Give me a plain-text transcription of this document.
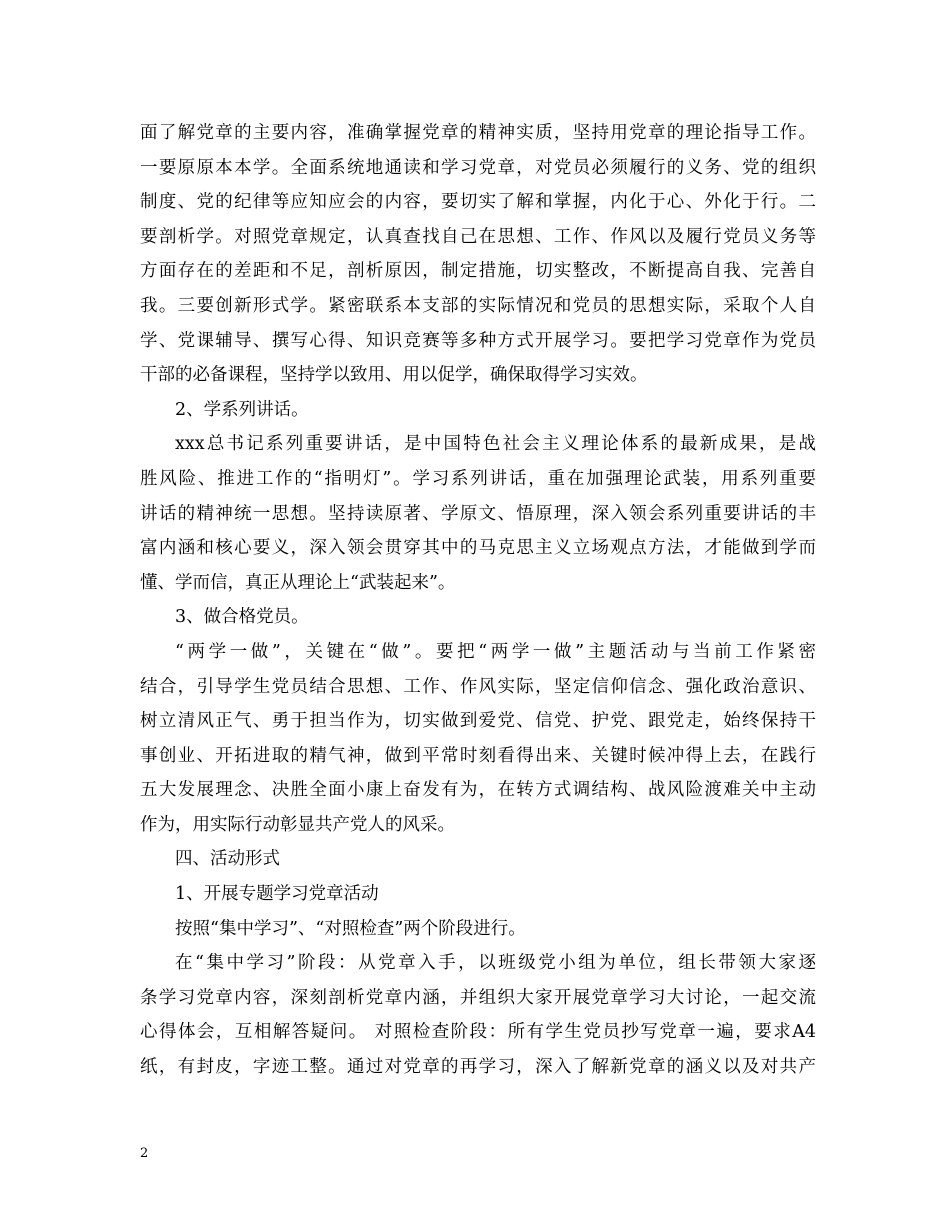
面了解党章的主要内容，准确掌握党章的精神实质，坚持用党章的理论指导工作。
一要原原本本学。全面系统地通读和学习党章，对党员必须履行的义务、党的组织
制度、党的纪律等应知应会的内容，要切实了解和掌握，内化于心、外化于行。二
要剖析学。对照党章规定，认真查找自己在思想、工作、作风以及履行党员义务等
方面存在的差距和不足，剖析原因，制定措施，切实整改，不断提高自我、完善自
我。三要创新形式学。紧密联系本支部的实际情况和党员的思想实际，采取个人自
学、党课辅导、撰写心得、知识竞赛等多种方式开展学习。要把学习党章作为党员
干部的必备课程，坚持学以致用、用以促学，确保取得学习实效。
2、学系列讲话。
xxx总书记系列重要讲话，是中国特色社会主义理论体系的最新成果，是战
胜风险、推进工作的“指明灯”。学习系列讲话，重在加强理论武装，用系列重要
讲话的精神统一思想。坚持读原著、学原文、悟原理，深入领会系列重要讲话的丰
富内涵和核心要义，深入领会贯穿其中的马克思主义立场观点方法，才能做到学而
懂、学而信，真正从理论上“武装起来”。
3、做合格党员。
“两学一做”，关键在“做”。要把“两学一做”主题活动与当前工作紧密
结合，引导学生党员结合思想、工作、作风实际，坚定信仰信念、强化政治意识、
树立清风正气、勇于担当作为，切实做到爱党、信党、护党、跟党走，始终保持干
事创业、开拓进取的精气神，做到平常时刻看得出来、关键时候冲得上去，在践行
五大发展理念、决胜全面小康上奋发有为，在转方式调结构、战风险渡难关中主动
作为，用实际行动彰显共产党人的风采。
四、活动形式
1、开展专题学习党章活动
按照“集中学习”、“对照检查”两个阶段进行。
在“集中学习”阶段：从党章入手，以班级党小组为单位，组长带领大家逐
条学习党章内容，深刻剖析党章内涵，并组织大家开展党章学习大讨论，一起交流
心得体会，互相解答疑问。 对照检查阶段：所有学生党员抄写党章一遍，要求A4
纸，有封皮，字迹工整。通过对党章的再学习，深入了解新党章的涵义以及对共产
2
